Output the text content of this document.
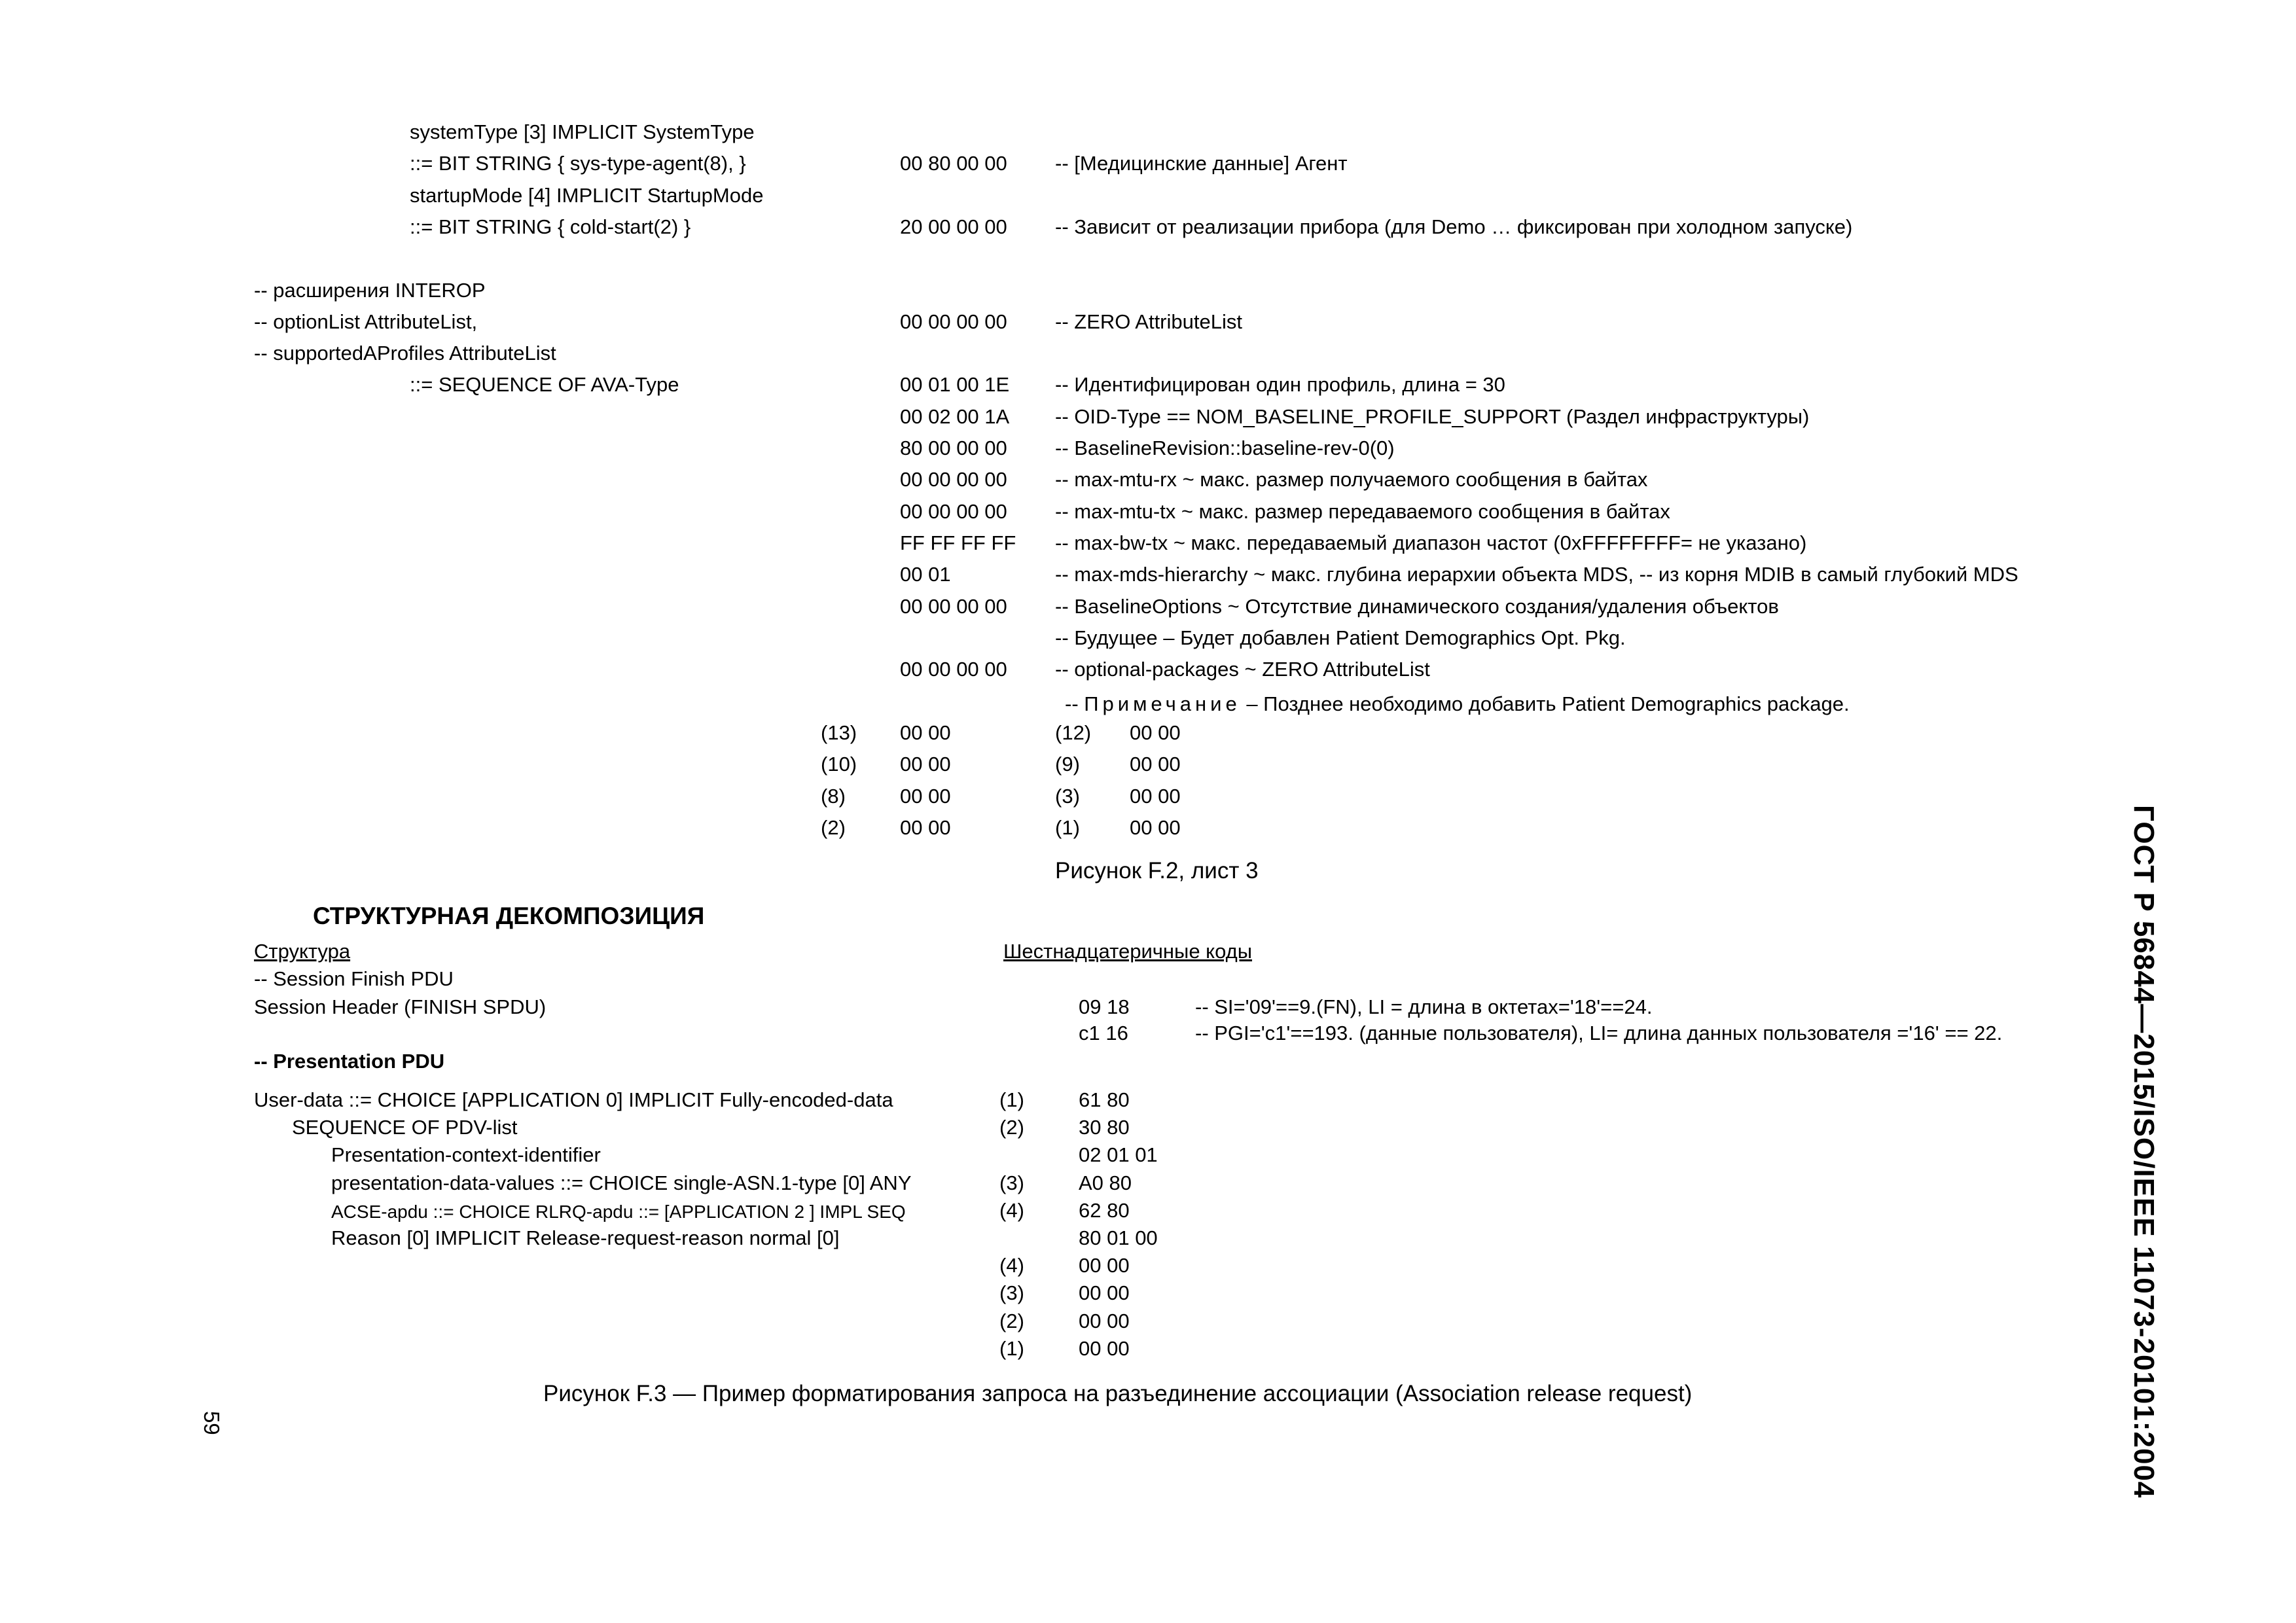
systemType [3] IMPLICIT SystemType
::= BIT STRING { sys-type-agent(8), }	00 80 00 00 -- [Медицинские данные] Агент
startupMode [4] IMPLICIT StartupMode
::= BIT STRING { cold-start(2) }	20 00 00 00 -- Зависит от реализации прибора (для Demo … фиксирован при холодном запуске)
-- расширения INTEROP
-- optionList AttributeList,	00 00 00 00 -- ZERO AttributeList
-- supportedAProfiles AttributeList
::= SEQUENCE OF AVA-Type	00 01 00 1E -- Идентифицирован один профиль, длина = 30
00 02 00 1A -- OID-Type == NOM_BASELINE_PROFILE_SUPPORT (Раздел инфраструктуры)
80 00 00 00 -- BaselineRevision::baseline-rev-0(0)
00 00 00 00 -- max-mtu-rx ~ макс. размер получаемого сообщения в байтах
00 00 00 00 -- max-mtu-tx ~ макс. размер передаваемого сообщения в байтах
FF FF FF FF -- max-bw-tx ~ макс. передаваемый диапазон частот (0xFFFFFFFF= не указано)
00 01	-- max-mds-hierarchy ~ макс. глубина иерархии объекта MDS, -- из корня MDIB в самый глубокий MDS
00 00 00 00 -- BaselineOptions ~ Отсутствие динамического создания/удаления объектов
-- Будущее – Будет добавлен Patient Demographics Opt. Pkg.
00 00 00 00 -- optional-packages ~ ZERO AttributeList
-- Примечание – Позднее необходимо добавить Patient Demographics package.
(13) 00 00	(12) 00 00
(10) 00 00	(9) 00 00
(8)	00 00	(3) 00 00
(2)	00 00	(1) 00 00
Рисунок F.2, лист 3
СТРУКТУРНАЯ ДЕКОМПОЗИЦИЯ
Структура	Шестнадцатеричные коды
-- Session Finish PDU
Session Header (FINISH SPDU)	09 18	-- SI='09'==9.(FN), LI = длина в октетах='18'==24.
c1 16	-- PGI='c1'==193. (данные пользователя), LI= длина данных пользователя ='16' == 22.
-- Presentation PDU
User-data ::= CHOICE [APPLICATION 0] IMPLICIT Fully-encoded-data	(1)	61 80
SEQUENCE OF PDV-list	(2)	30 80
Presentation-context-identifier	02 01 01
presentation-data-values ::= CHOICE single-ASN.1-type [0] ANY	(3)	A0 80
ACSE-apdu ::= CHOICE RLRQ-apdu ::= [APPLICATION 2 ] IMPL SEQ	(4)	62 80
Reason [0] IMPLICIT Release-request-reason normal [0]	80 01 00
(4)	00 00
(3)	00 00
(2)	00 00
(1)	00 00
Рисунок F.3 — Пример форматирования запроса на разъединение ассоциации (Association release request)	ГОСТ Р 56844—2015/ISO/IEEE 11073-20101:2004
59
